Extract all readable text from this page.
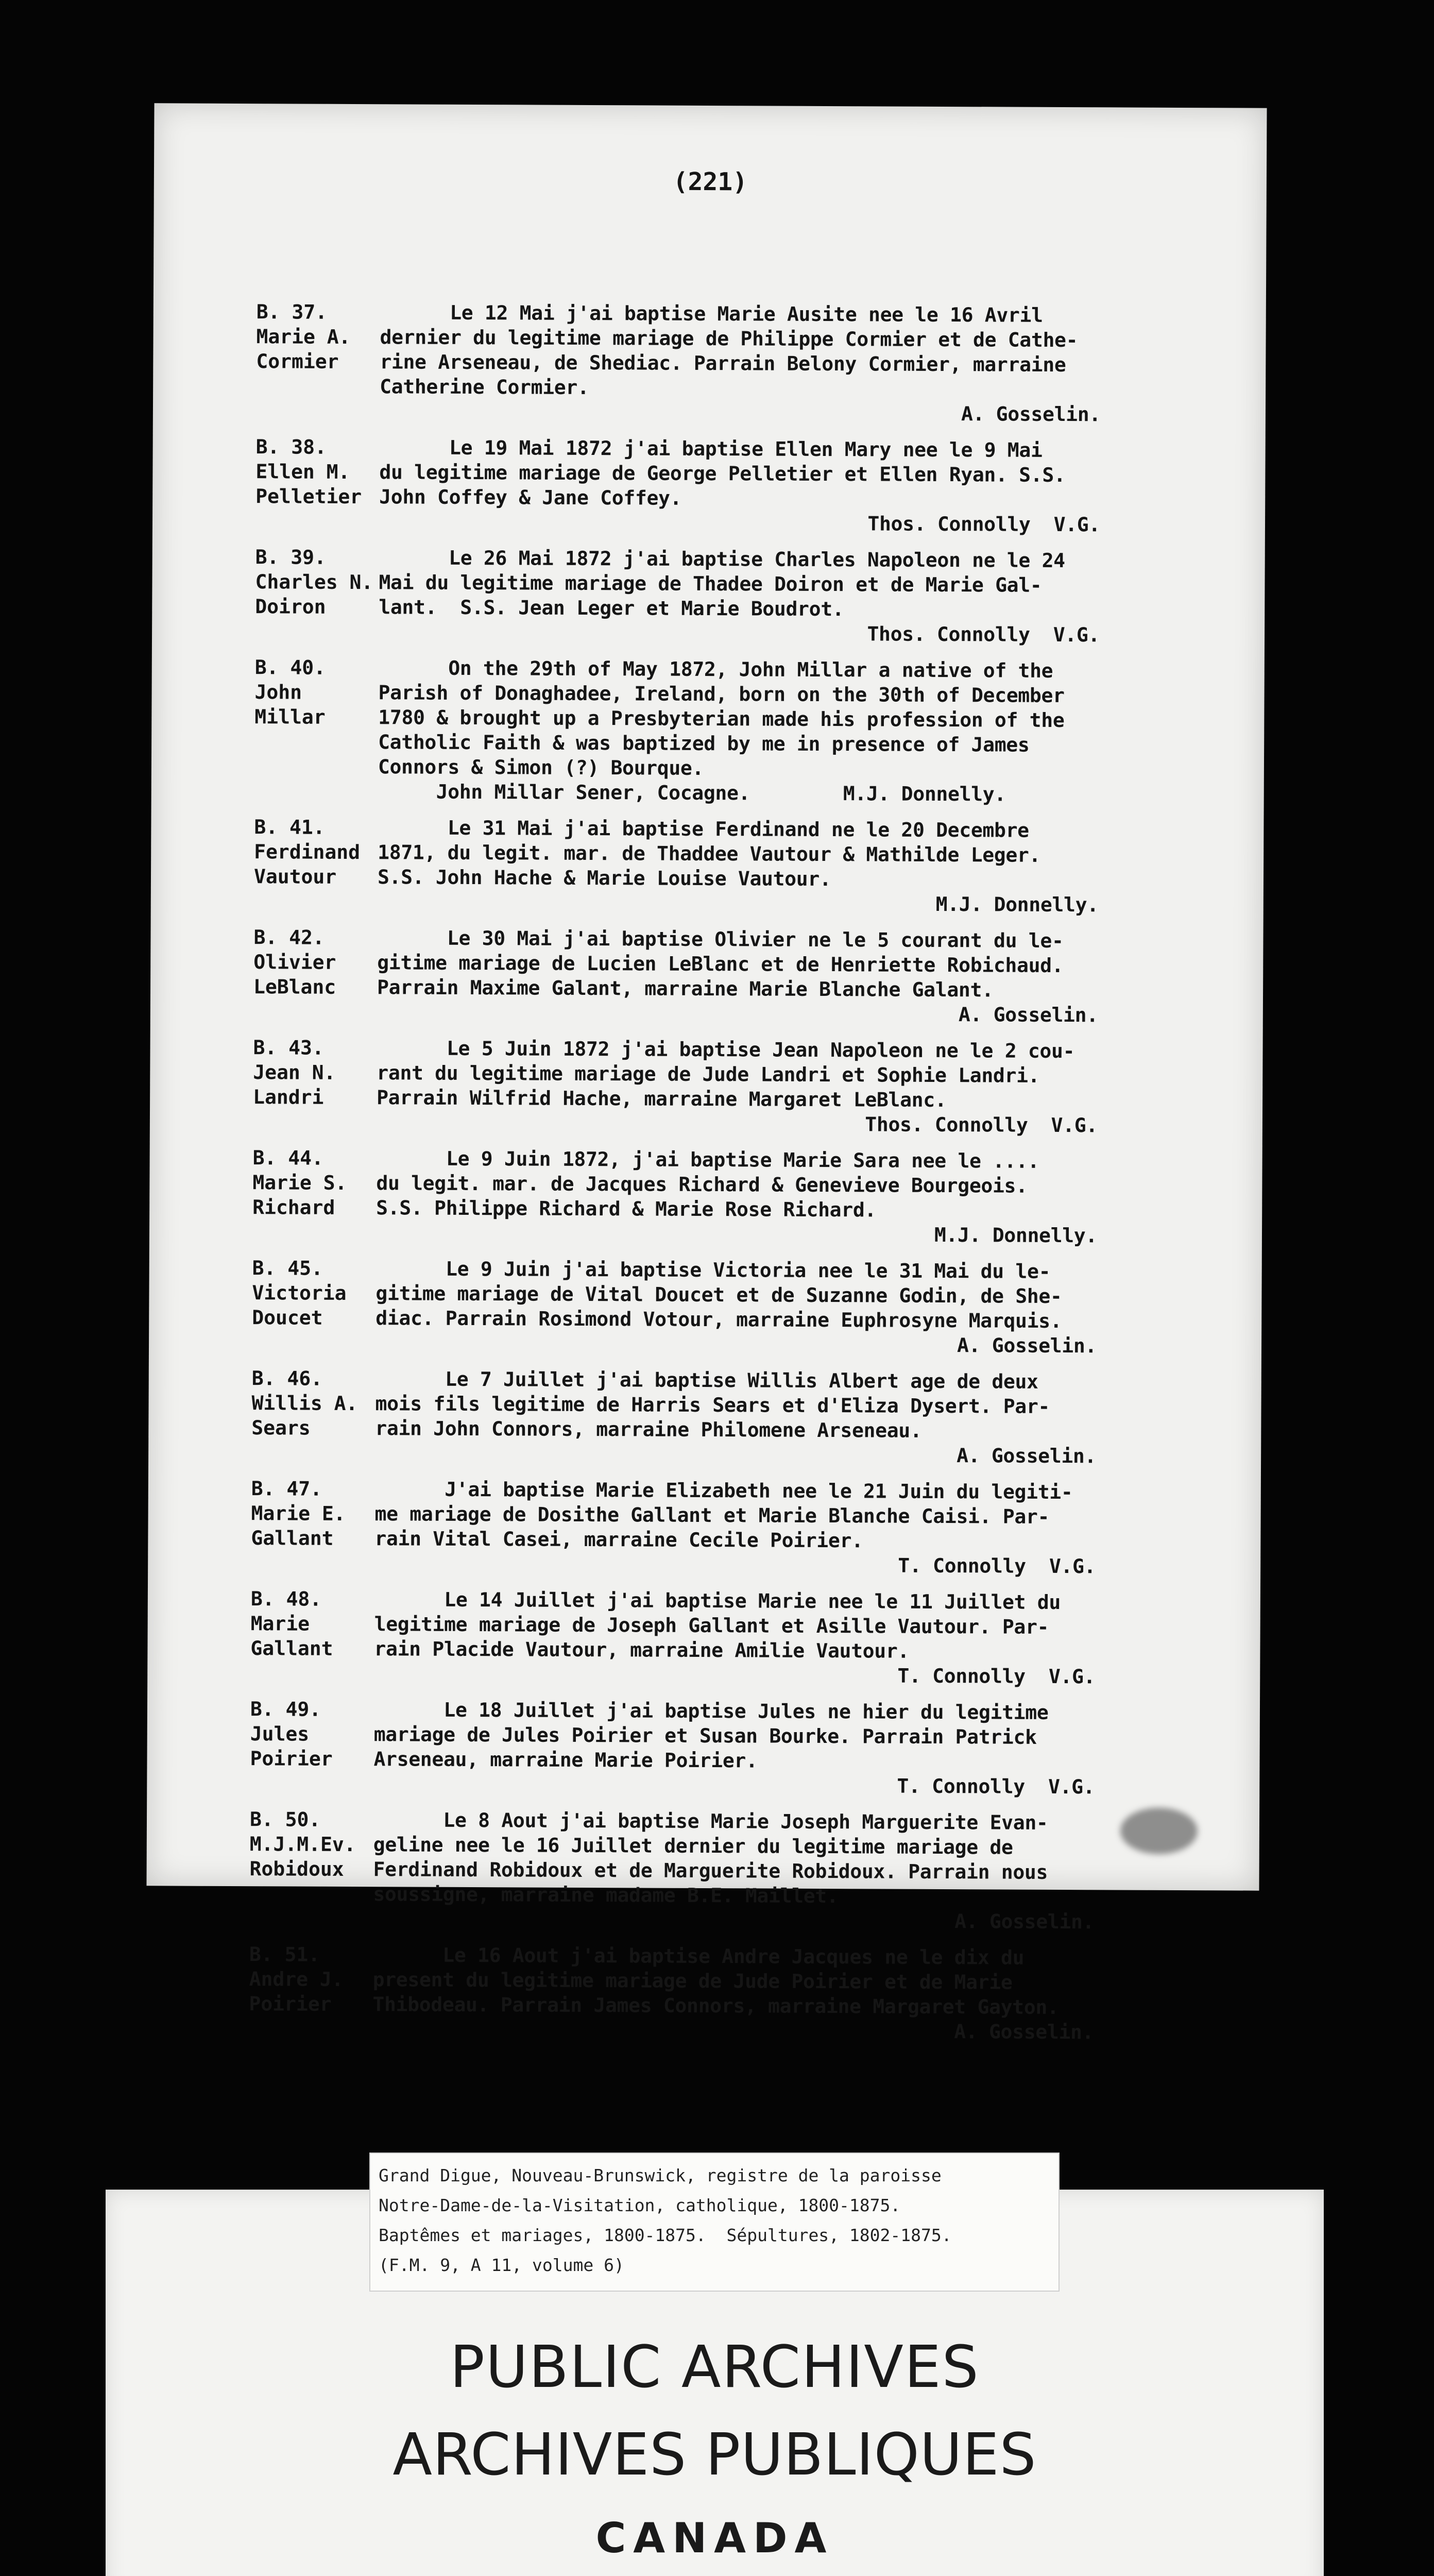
(221)
B. 37.
Marie A.
Cormier
Le 12 Mai j'ai baptise Marie Ausite nee le 16 Avril
dernier du legitime mariage de Philippe Cormier et de Cathe-
rine Arseneau, de Shediac. Parrain Belony Cormier, marraine
Catherine Cormier.
A. Gosselin.
B. 38.
Ellen M.
Pelletier
Le 19 Mai 1872 j'ai baptise Ellen Mary nee le 9 Mai
du legitime mariage de George Pelletier et Ellen Ryan. S.S.
John Coffey & Jane Coffey.
Thos. Connolly  V.G.
B. 39.
Charles N.
Doiron
Le 26 Mai 1872 j'ai baptise Charles Napoleon ne le 24
Mai du legitime mariage de Thadee Doiron et de Marie Gal-
lant.  S.S. Jean Leger et Marie Boudrot.
Thos. Connolly  V.G.
B. 40.
John
Millar
On the 29th of May 1872, John Millar a native of the
Parish of Donaghadee, Ireland, born on the 30th of December
1780 & brought up a Presbyterian made his profession of the
Catholic Faith & was baptized by me in presence of James
Connors & Simon (?) Bourque.
John Millar Sener, Cocagne.        M.J. Donnelly.
B. 41.
Ferdinand
Vautour
Le 31 Mai j'ai baptise Ferdinand ne le 20 Decembre
1871, du legit. mar. de Thaddee Vautour & Mathilde Leger.
S.S. John Hache & Marie Louise Vautour.
M.J. Donnelly.
B. 42.
Olivier
LeBlanc
Le 30 Mai j'ai baptise Olivier ne le 5 courant du le-
gitime mariage de Lucien LeBlanc et de Henriette Robichaud.
Parrain Maxime Galant, marraine Marie Blanche Galant.
A. Gosselin.
B. 43.
Jean N.
Landri
Le 5 Juin 1872 j'ai baptise Jean Napoleon ne le 2 cou-
rant du legitime mariage de Jude Landri et Sophie Landri.
Parrain Wilfrid Hache, marraine Margaret LeBlanc.
Thos. Connolly  V.G.
B. 44.
Marie S.
Richard
Le 9 Juin 1872, j'ai baptise Marie Sara nee le ....
du legit. mar. de Jacques Richard & Genevieve Bourgeois.
S.S. Philippe Richard & Marie Rose Richard.
M.J. Donnelly.
B. 45.
Victoria
Doucet
Le 9 Juin j'ai baptise Victoria nee le 31 Mai du le-
gitime mariage de Vital Doucet et de Suzanne Godin, de She-
diac. Parrain Rosimond Votour, marraine Euphrosyne Marquis.
A. Gosselin.
B. 46.
Willis A.
Sears
Le 7 Juillet j'ai baptise Willis Albert age de deux
mois fils legitime de Harris Sears et d'Eliza Dysert. Par-
rain John Connors, marraine Philomene Arseneau.
A. Gosselin.
B. 47.
Marie E.
Gallant
J'ai baptise Marie Elizabeth nee le 21 Juin du legiti-
me mariage de Dosithe Gallant et Marie Blanche Caisi. Par-
rain Vital Casei, marraine Cecile Poirier.
T. Connolly  V.G.
B. 48.
Marie
Gallant
Le 14 Juillet j'ai baptise Marie nee le 11 Juillet du
legitime mariage de Joseph Gallant et Asille Vautour. Par-
rain Placide Vautour, marraine Amilie Vautour.
T. Connolly  V.G.
B. 49.
Jules
Poirier
Le 18 Juillet j'ai baptise Jules ne hier du legitime
mariage de Jules Poirier et Susan Bourke. Parrain Patrick
Arseneau, marraine Marie Poirier.
T. Connolly  V.G.
B. 50.
M.J.M.Ev.
Robidoux
Le 8 Aout j'ai baptise Marie Joseph Marguerite Evan-
geline nee le 16 Juillet dernier du legitime mariage de
Ferdinand Robidoux et de Marguerite Robidoux. Parrain nous
soussigne, marraine madame B.E. Maillet.
A. Gosselin.
B. 51.
Andre J.
Poirier
Le 16 Aout j'ai baptise Andre Jacques ne le dix du
present du legitime mariage de Jude Poirier et de Marie
Thibodeau. Parrain James Connors, marraine Margaret Gayton.
A. Gosselin.
Grand Digue, Nouveau-Brunswick, registre de la paroisse
Notre-Dame-de-la-Visitation, catholique, 1800-1875.
Baptêmes et mariages, 1800-1875.  Sépultures, 1802-1875.
(F.M. 9, A 11, volume 6)
PUBLIC ARCHIVES
ARCHIVES PUBLIQUES
CANADA
